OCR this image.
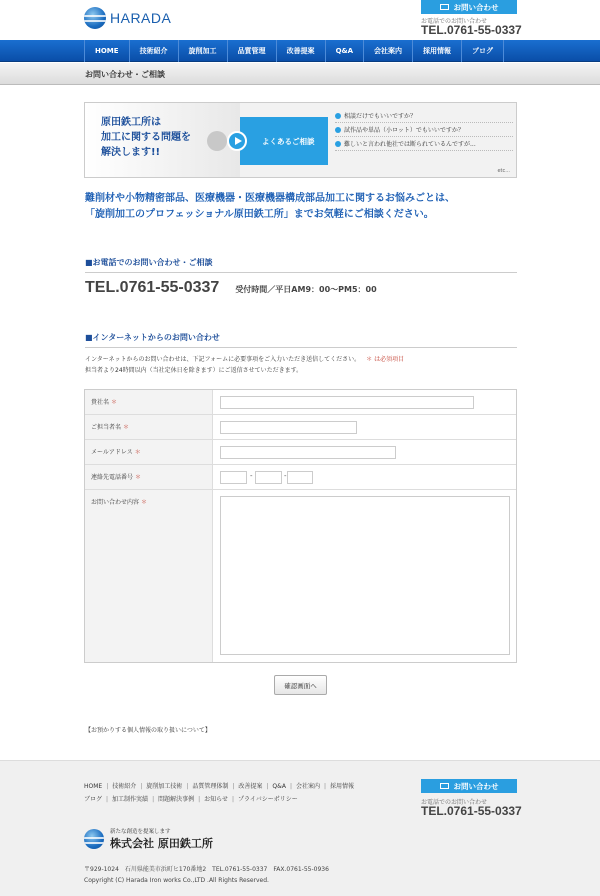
HARADA
お問い合わせ
お電話でのお問い合わせ
TEL.0761-55-0337
HOME	技術紹介	旋削加工	品質管理	改善提案	Q&A	会社案内	採用情報	ブログ
お問い合わせ・ご相談
原田鉄工所は
加工に関する問題を
解決します!!
よくあるご相談
相談だけでもいいですか？
試作品や単品（小ロット）でもいいですか？
難しいと言われ他社では断られているんですが...
etc...
難削材や小物精密部品、医療機器・医療機器構成部品加工に関するお悩みごとは、
「旋削加工のプロフェッショナル原田鉄工所」までお気軽にご相談ください。
■お電話でのお問い合わせ・ご相談
TEL.0761-55-0337 受付時間／平日AM9：00〜PM5：00
■インターネットからのお問い合わせ
インターネットからのお問い合わせは、下記フォームに必要事項をご入力いただき送信してください。 ＊ は必須項目
担当者より24時間以内（当社定休日を除きます）にご返信させていただきます。
貴社名 ＊
ご担当者名 ＊
メールアドレス ＊
連絡先電話番号 ＊	-	-
お問い合わせ内容 ＊
確認画面へ
【お預かりする個人情報の取り扱いについて】
HOME | 技術紹介 | 旋削加工技術 | 品質管理体制 | 改善提案 | Q&A | 会社案内 | 採用情報
ブログ | 加工制作実績 | 問題解決事例 | お知らせ | プライバシーポリシー
お問い合わせ
お電話でのお問い合わせ
TEL.0761-55-0337
新たな創造を提案します
株式会社 原田鉄工所
〒929-1024　石川県能美市浜町ヒ170番地2　TEL.0761-55-0337　FAX.0761-55-0936
Copyright (C) Harada Iron works Co.,LTD .All Rights Reserved.
